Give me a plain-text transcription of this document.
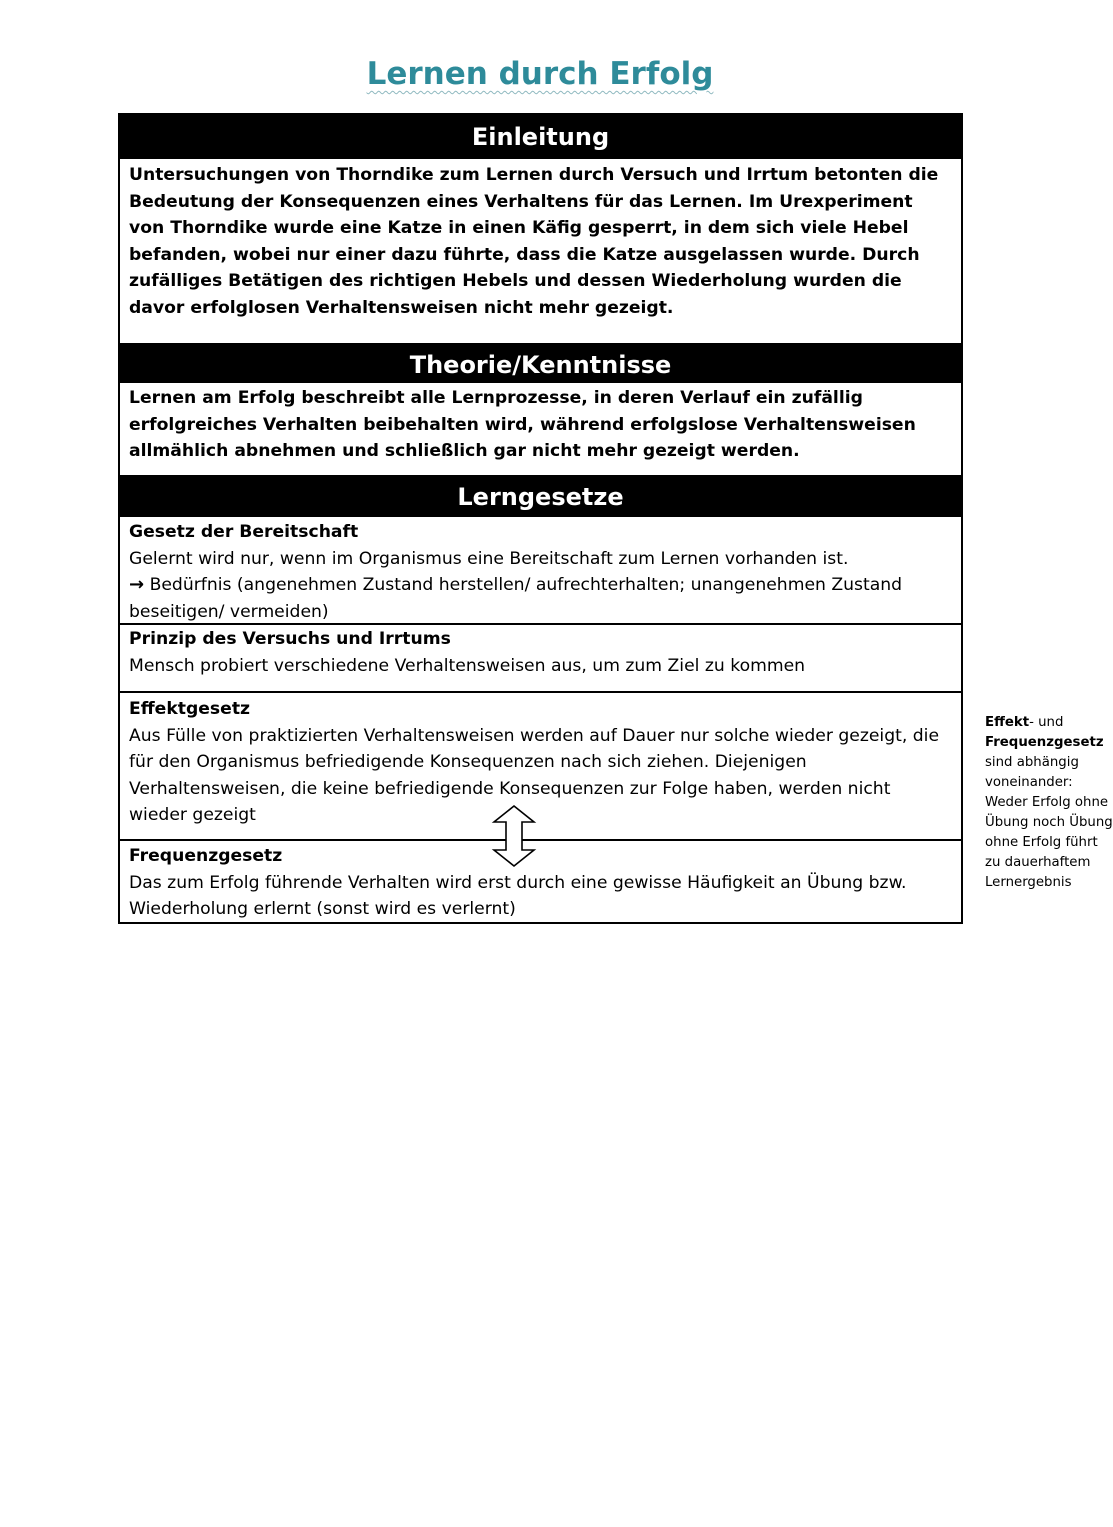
Lernen durch Erfolg
Einleitung
Untersuchungen von Thorndike zum Lernen durch Versuch und Irrtum betonten die Bedeutung der Konsequenzen eines Verhaltens für das Lernen. Im Urexperiment von Thorndike wurde eine Katze in einen Käfig gesperrt, in dem sich viele Hebel befanden, wobei nur einer dazu führte, dass die Katze ausgelassen wurde. Durch zufälliges Betätigen des richtigen Hebels und dessen Wiederholung wurden die davor erfolglosen Verhaltensweisen nicht mehr gezeigt.
Theorie/Kenntnisse
Lernen am Erfolg beschreibt alle Lernprozesse, in deren Verlauf ein zufällig erfolgreiches Verhalten beibehalten wird, während erfolgslose Verhaltensweisen allmählich abnehmen und schließlich gar nicht mehr gezeigt werden.
Lerngesetze
Gesetz der Bereitschaft
Gelernt wird nur, wenn im Organismus eine Bereitschaft zum Lernen vorhanden ist.
→ Bedürfnis (angenehmen Zustand herstellen/ aufrechterhalten; unangenehmen Zustand beseitigen/ vermeiden)
Prinzip des Versuchs und Irrtums
Mensch probiert verschiedene Verhaltensweisen aus, um zum Ziel zu kommen
Effektgesetz
Aus Fülle von praktizierten Verhaltensweisen werden auf Dauer nur solche wieder gezeigt, die für den Organismus befriedigende Konsequenzen nach sich ziehen. Diejenigen Verhaltensweisen, die keine befriedigende Konsequenzen zur Folge haben, werden nicht wieder gezeigt
Frequenzgesetz
Das zum Erfolg führende Verhalten wird erst durch eine gewisse Häufigkeit an Übung bzw. Wiederholung erlernt (sonst wird es verlernt)
Effekt- und
Frequenzgesetz
sind abhängig
voneinander:
Weder Erfolg ohne
Übung noch Übung
ohne Erfolg führt
zu dauerhaftem
Lernergebnis
